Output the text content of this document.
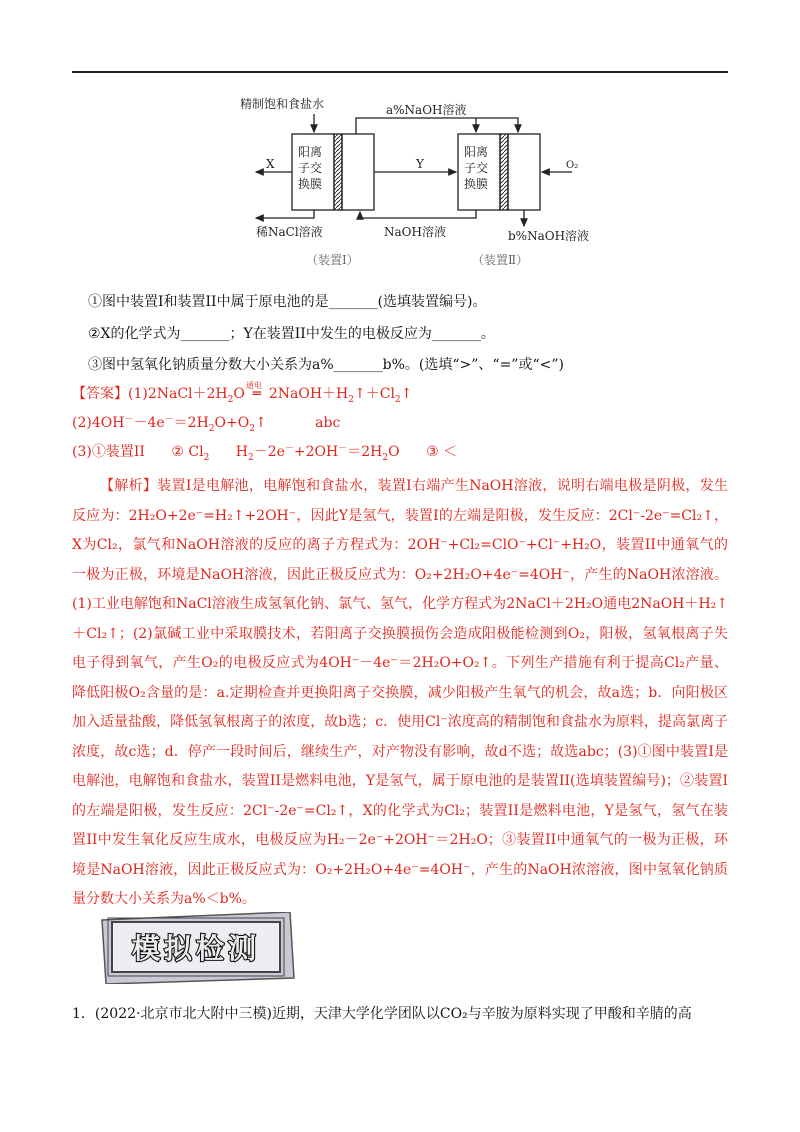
精制饱和食盐水	a%NaOH溶液
X	Y	O₂
阳离
子交
换膜
阳离
子交
换膜
稀NaCl溶液	NaOH溶液	b%NaOH溶液
（装置Ⅰ）	（装置Ⅱ）
①图中装置I和装置II中属于原电池的是_______(选填装置编号)。
②X的化学式为_______；Y在装置II中发生的电极反应为_______。
③图中氢氧化钠质量分数大小关系为a%_______b%。(选填“>”、“=”或“<”)
【答案】$(1)2NaCl+2H_2O$
通电
═ $2NaOH+H_2↑+Cl_2↑$
$(2)4OH^--4e^-=2H_2O+O_2↑$	abc
(3)①装置II ② $Cl_2$ $H_2-2e^-+2OH^-=2H_2O$ ③ ＜

【解析】装置I是电解池，电解饱和食盐水，装置I右端产生NaOH溶液，说明右端电极是阴极，发生反应为：2H₂O+2e⁻=H₂↑+2OH⁻，因此Y是氢气，装置I的左端是阳极，发生反应：2Cl⁻-2e⁻=Cl₂↑，X为Cl₂，氯气和NaOH溶液的反应的离子方程式为：2OH⁻+Cl₂=ClO⁻+Cl⁻+H₂O，装置II中通氧气的一极为正极，环境是NaOH溶液，因此正极反应式为：O₂+2H₂O+4e⁻=4OH⁻，产生的NaOH浓溶液。(1)工业电解饱和NaCl溶液生成氢氧化钠、氯气、氢气，化学方程式为2NaCl＋2H₂O通电2NaOH＋H₂↑＋Cl₂↑；(2)氯碱工业中采取膜技术，若阳离子交换膜损伤会造成阳极能检测到O₂，阳极，氢氧根离子失电子得到氧气，产生O₂的电极反应式为4OH⁻－4e⁻＝2H₂O+O₂↑。下列生产措施有利于提高Cl₂产量、降低阳极O₂含量的是：a.定期检查并更换阳离子交换膜，减少阳极产生氧气的机会，故a选；b．向阳极区加入适量盐酸，降低氢氧根离子的浓度，故b选；c．使用Cl⁻浓度高的精制饱和食盐水为原料，提高氯离子浓度，故c选；d．停产一段时间后，继续生产，对产物没有影响，故d不选；故选abc；(3)①图中装置I是电解池，电解饱和食盐水，装置II是燃料电池，Y是氢气，属于原电池的是装置II(选填装置编号)；②装置I的左端是阳极，发生反应：2Cl⁻-2e⁻=Cl₂↑，X的化学式为Cl₂；装置II是燃料电池，Y是氢气，氢气在装置II中发生氧化反应生成水，电极反应为H₂－2e⁻+2OH⁻＝2H₂O；③装置II中通氧气的一极为正极，环境是NaOH溶液，因此正极反应式为：O₂+2H₂O+4e⁻=4OH⁻，产生的NaOH浓溶液，图中氢氧化钠质量分数大小关系为a%＜b%。

模拟检测
1．(2022·北京市北大附中三模)近期，天津大学化学团队以CO₂与辛胺为原料实现了甲酸和辛腈的高
